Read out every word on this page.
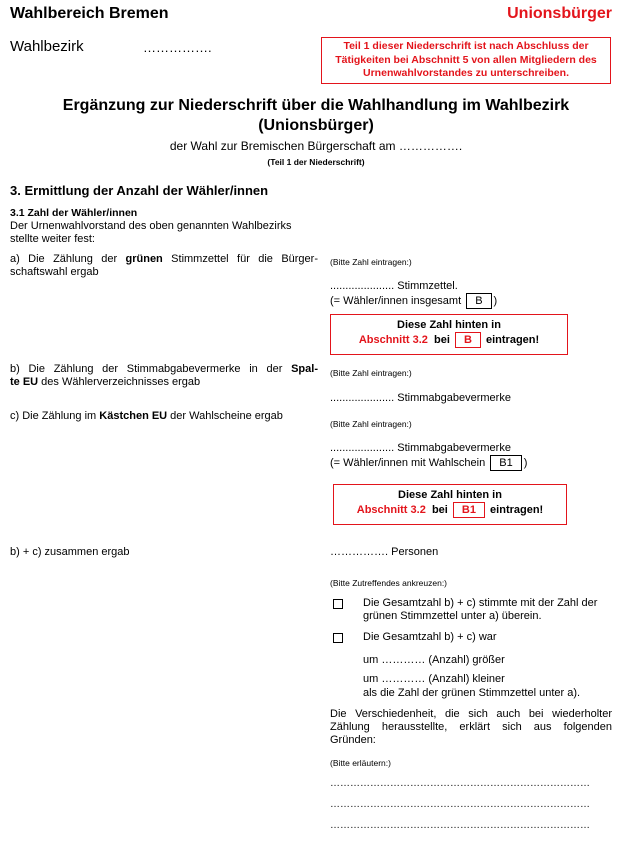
Wahlbereich Bremen	Unionsbürger
Wahlbezirk	…………….	Teil 1 dieser Niederschrift ist nach Abschluss der Tätigkeiten bei Abschnitt 5 von allen Mitgliedern des Urnenwahlvorstandes zu unterschreiben.
Ergänzung zur Niederschrift über die Wahlhandlung im Wahlbezirk
(Unionsbürger)
der Wahl zur Bremischen Bürgerschaft am …………….
(Teil 1 der Niederschrift)
3. Ermittlung der Anzahl der Wähler/innen
3.1 Zahl der Wähler/innen
Der Urnenwahlvorstand des oben genannten Wahlbezirks
stellte weiter fest:
a) Die Zählung der grünen Stimmzettel für die Bürger-
schaftswahl ergab
(Bitte Zahl eintragen:)
..................... Stimmzettel.
(= Wähler/innen insgesamt B )
Diese Zahl hinten in
Abschnitt 3.2 bei B eintragen!
b) Die Zählung der Stimmabgabevermerke in der Spal-
te EU des Wählerverzeichnisses ergab
(Bitte Zahl eintragen:)
..................... Stimmabgabevermerke
c) Die Zählung im Kästchen EU der Wahlscheine ergab
(Bitte Zahl eintragen:)
..................... Stimmabgabevermerke
(= Wähler/innen mit Wahlschein B1 )
Diese Zahl hinten in
Abschnitt 3.2 bei B1 eintragen!
b) + c) zusammen ergab	……………. Personen
(Bitte Zutreffendes ankreuzen:)
Die Gesamtzahl b) + c) stimmte mit der Zahl der
grünen Stimmzettel unter a) überein.
Die Gesamtzahl b) + c) war
um ………… (Anzahl) größer
um ………… (Anzahl) kleiner
als die Zahl der grünen Stimmzettel unter a).
Die Verschiedenheit, die sich auch bei wiederholter
Zählung herausstellte, erklärt sich aus folgenden
Gründen:
(Bitte erläutern:)
……………………………………………………………………
……………………………………………………………………
……………………………………………………………………
